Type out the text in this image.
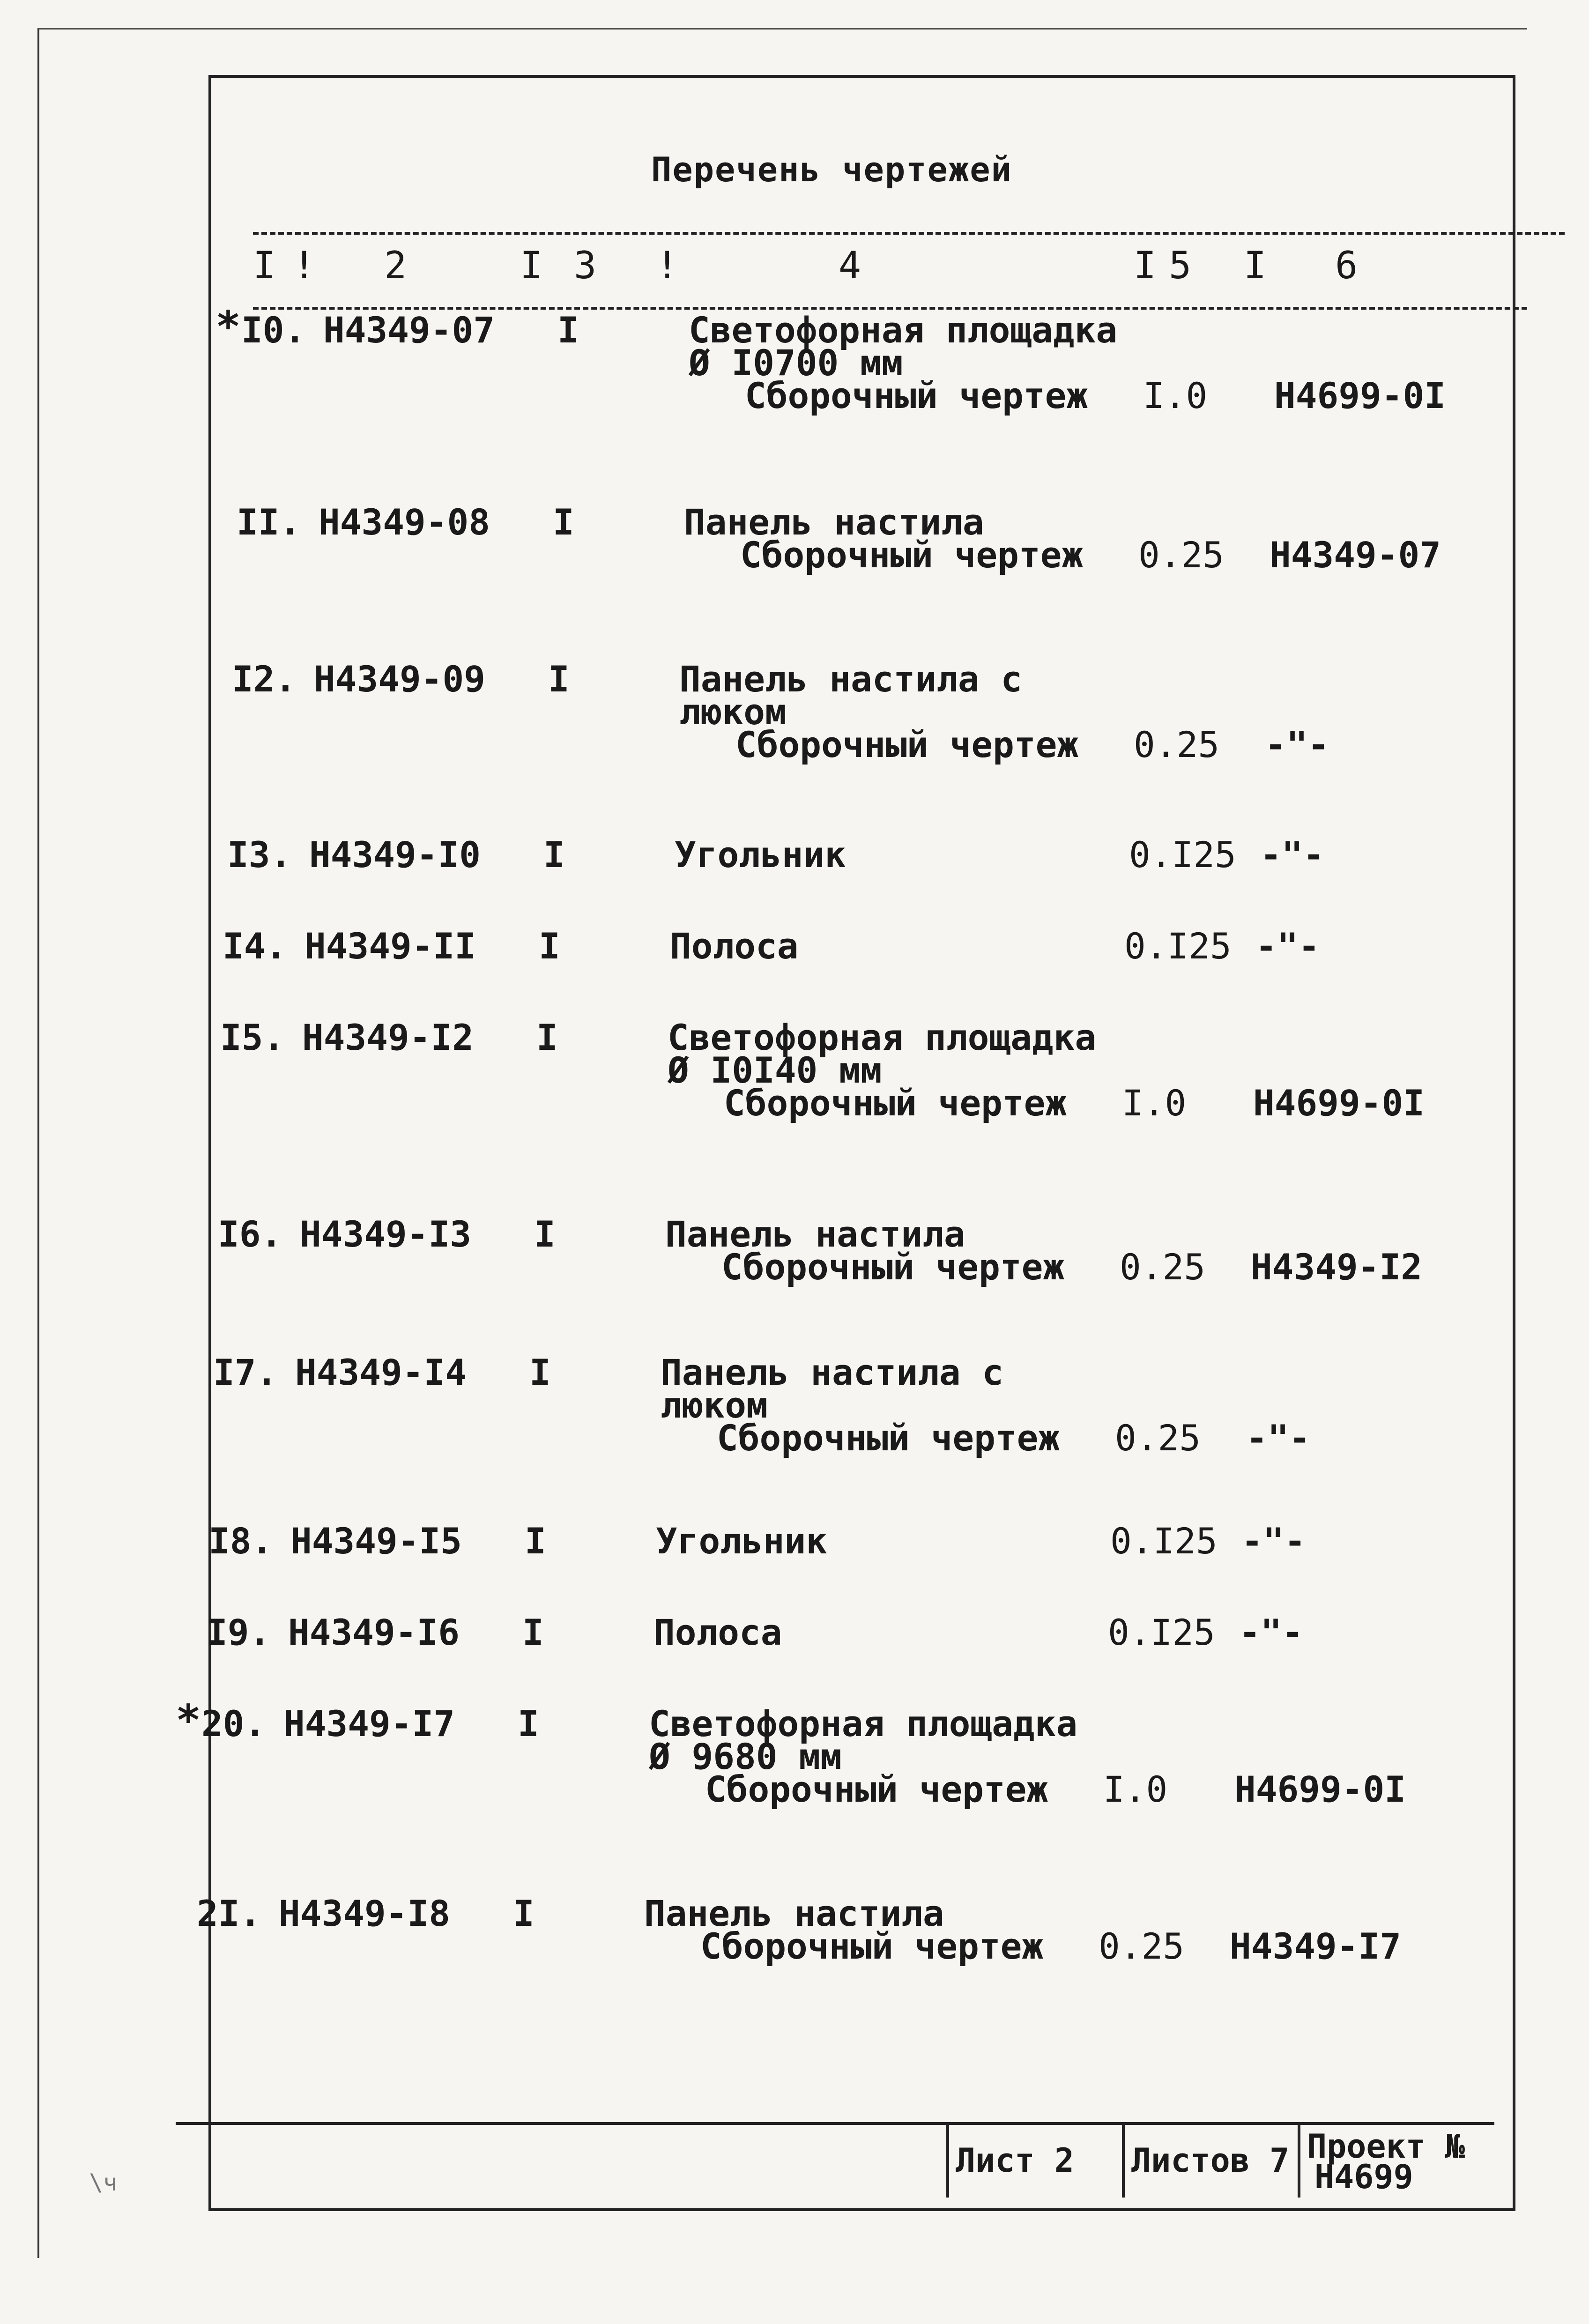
Перечень чертежей
I ! 2	I 3 !	4	I 5 I 6
* I0. Н4349-07 I	Светофорная площадка
Ø I0700 мм
Сборочный чертеж I.0 Н4699-0I
II. Н4349-08 I	Панель настила
Сборочный чертеж 0.25 Н4349-07
I2. Н4349-09 I	Панель настила с
люком
Сборочный чертеж 0.25 -"-
I3. Н4349-I0 I	Угольник	0.I25 -"-
I4. Н4349-II I	Полоса	0.I25 -"-
I5. Н4349-I2 I	Светофорная площадка
Ø I0I40 мм
Сборочный чертеж I.0 Н4699-0I
I6. Н4349-I3 I	Панель настила
Сборочный чертеж 0.25 Н4349-I2
I7. Н4349-I4 I	Панель настила с
люком
Сборочный чертеж 0.25 -"-
I8. Н4349-I5 I	Угольник	0.I25 -"-
I9. Н4349-I6 I	Полоса	0.I25 -"-
* 20. Н4349-I7 I	Светофорная площадка
Ø 9680 мм
Сборочный чертеж I.0 Н4699-0I
2I. Н4349-I8 I	Панель настила
Сборочный чертеж 0.25 Н4349-I7
Лист 2 Листов 7 Проект №
Н4699
\ч
